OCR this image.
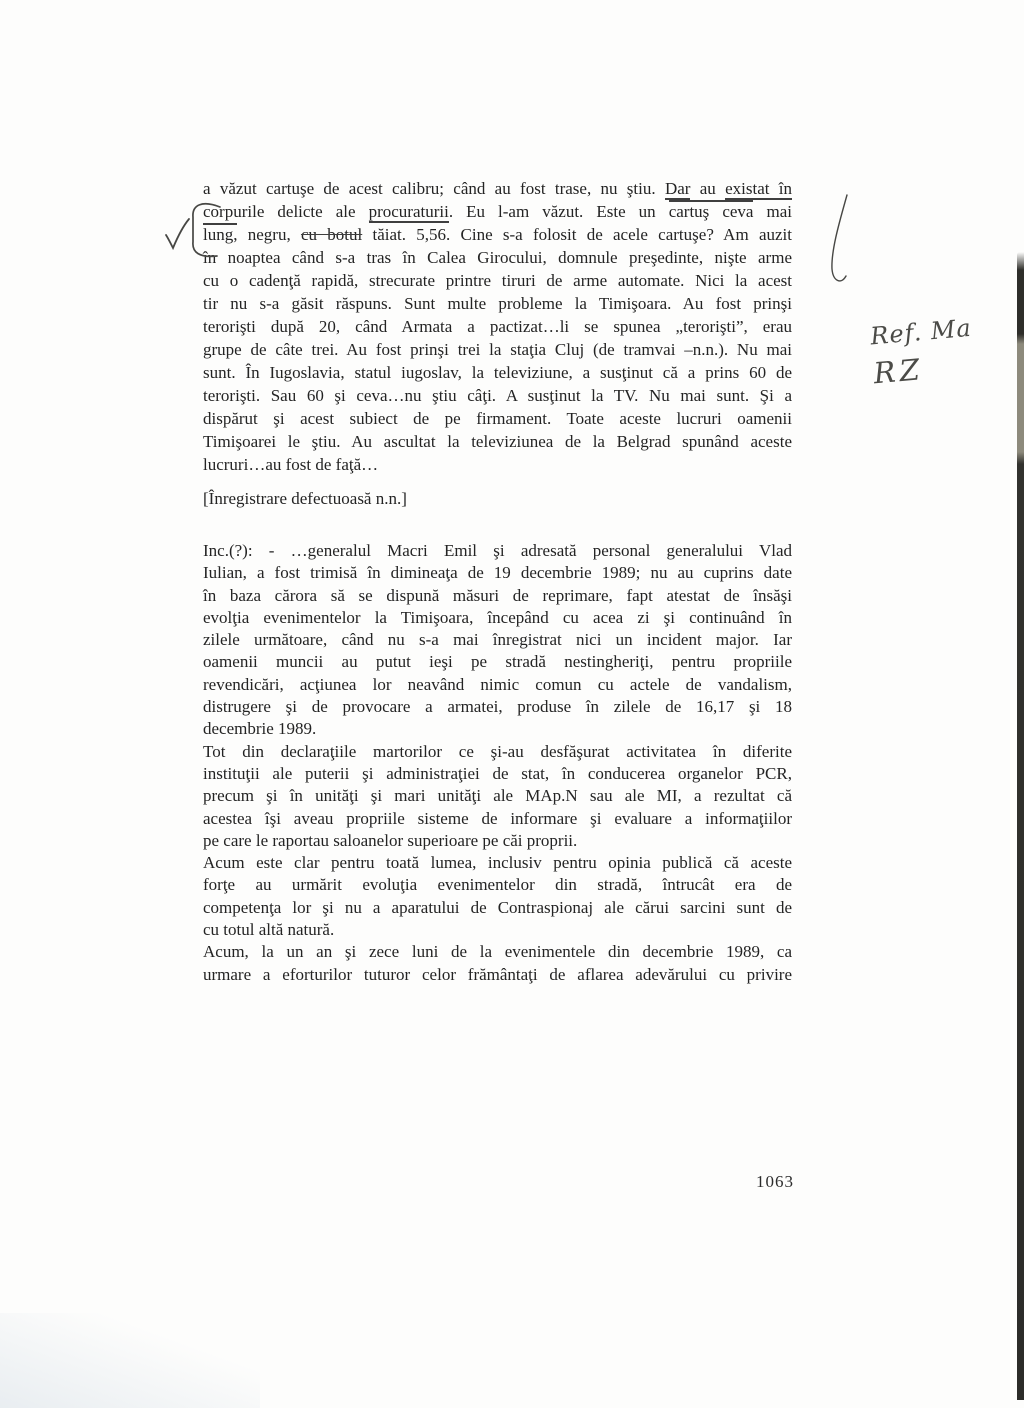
a văzut cartuşe de acest calibru; când au fost trase, nu ştiu. Dar au existat în
corpurile delicte ale procuraturii. Eu l-am văzut. Este un cartuş ceva mai
lung, negru, cu botul tăiat. 5,56. Cine s-a folosit de acele cartuşe? Am auzit
în noaptea când s-a tras în Calea Girocului, domnule preşedinte, nişte arme
cu o cadenţă rapidă, strecurate printre tiruri de arme automate. Nici la acest
tir nu s-a găsit răspuns. Sunt multe probleme la Timişoara. Au fost prinşi
terorişti după 20, când Armata a pactizat…li se spunea „terorişti”, erau
grupe de câte trei. Au fost prinşi trei la staţia Cluj (de tramvai –n.n.). Nu mai
sunt. În Iugoslavia, statul iugoslav, la televiziune, a susţinut că a prins 60 de
terorişti. Sau 60 şi ceva…nu ştiu câţi. A susţinut la TV. Nu mai sunt. Şi a
dispărut şi acest subiect de pe firmament. Toate aceste lucruri oamenii
Timişoarei le ştiu. Au ascultat la televiziunea de la Belgrad spunând aceste
lucruri…au fost de faţă…
[Înregistrare defectuoasă n.n.]
Inc.(?): - …generalul Macri Emil şi adresată personal generalului Vlad
Iulian, a fost trimisă în dimineaţa de 19 decembrie 1989; nu au cuprins date
în baza cărora să se dispună măsuri de reprimare, fapt atestat de însăşi
evolţia evenimentelor la Timişoara, începând cu acea zi şi continuând în
zilele următoare, când nu s-a mai înregistrat nici un incident major. Iar
oamenii muncii au putut ieşi pe stradă nestingheriţi, pentru propriile
revendicări, acţiunea lor neavând nimic comun cu actele de vandalism,
distrugere şi de provocare a armatei, produse în zilele de 16,17 şi 18
decembrie 1989.
Tot din declaraţiile martorilor ce şi-au desfăşurat activitatea în diferite
instituţii ale puterii şi administraţiei de stat, în conducerea organelor PCR,
precum şi în unităţi şi mari unităţi ale MAp.N sau ale MI, a rezultat că
acestea îşi aveau propriile sisteme de informare şi evaluare a informaţiilor
pe care le raportau saloanelor superioare pe căi proprii.
Acum este clar pentru toată lumea, inclusiv pentru opinia publică că aceste
forţe au urmărit evoluţia evenimentelor din stradă, întrucât era de
competenţa lor şi nu a aparatului de Contraspionaj ale cărui sarcini sunt de
cu totul altă natură.
Acum, la un an şi zece luni de la evenimentele din decembrie 1989, ca
urmare a eforturilor tuturor celor frământaţi de aflarea adevărului cu privire
1063
Ref. Ma
RZ
